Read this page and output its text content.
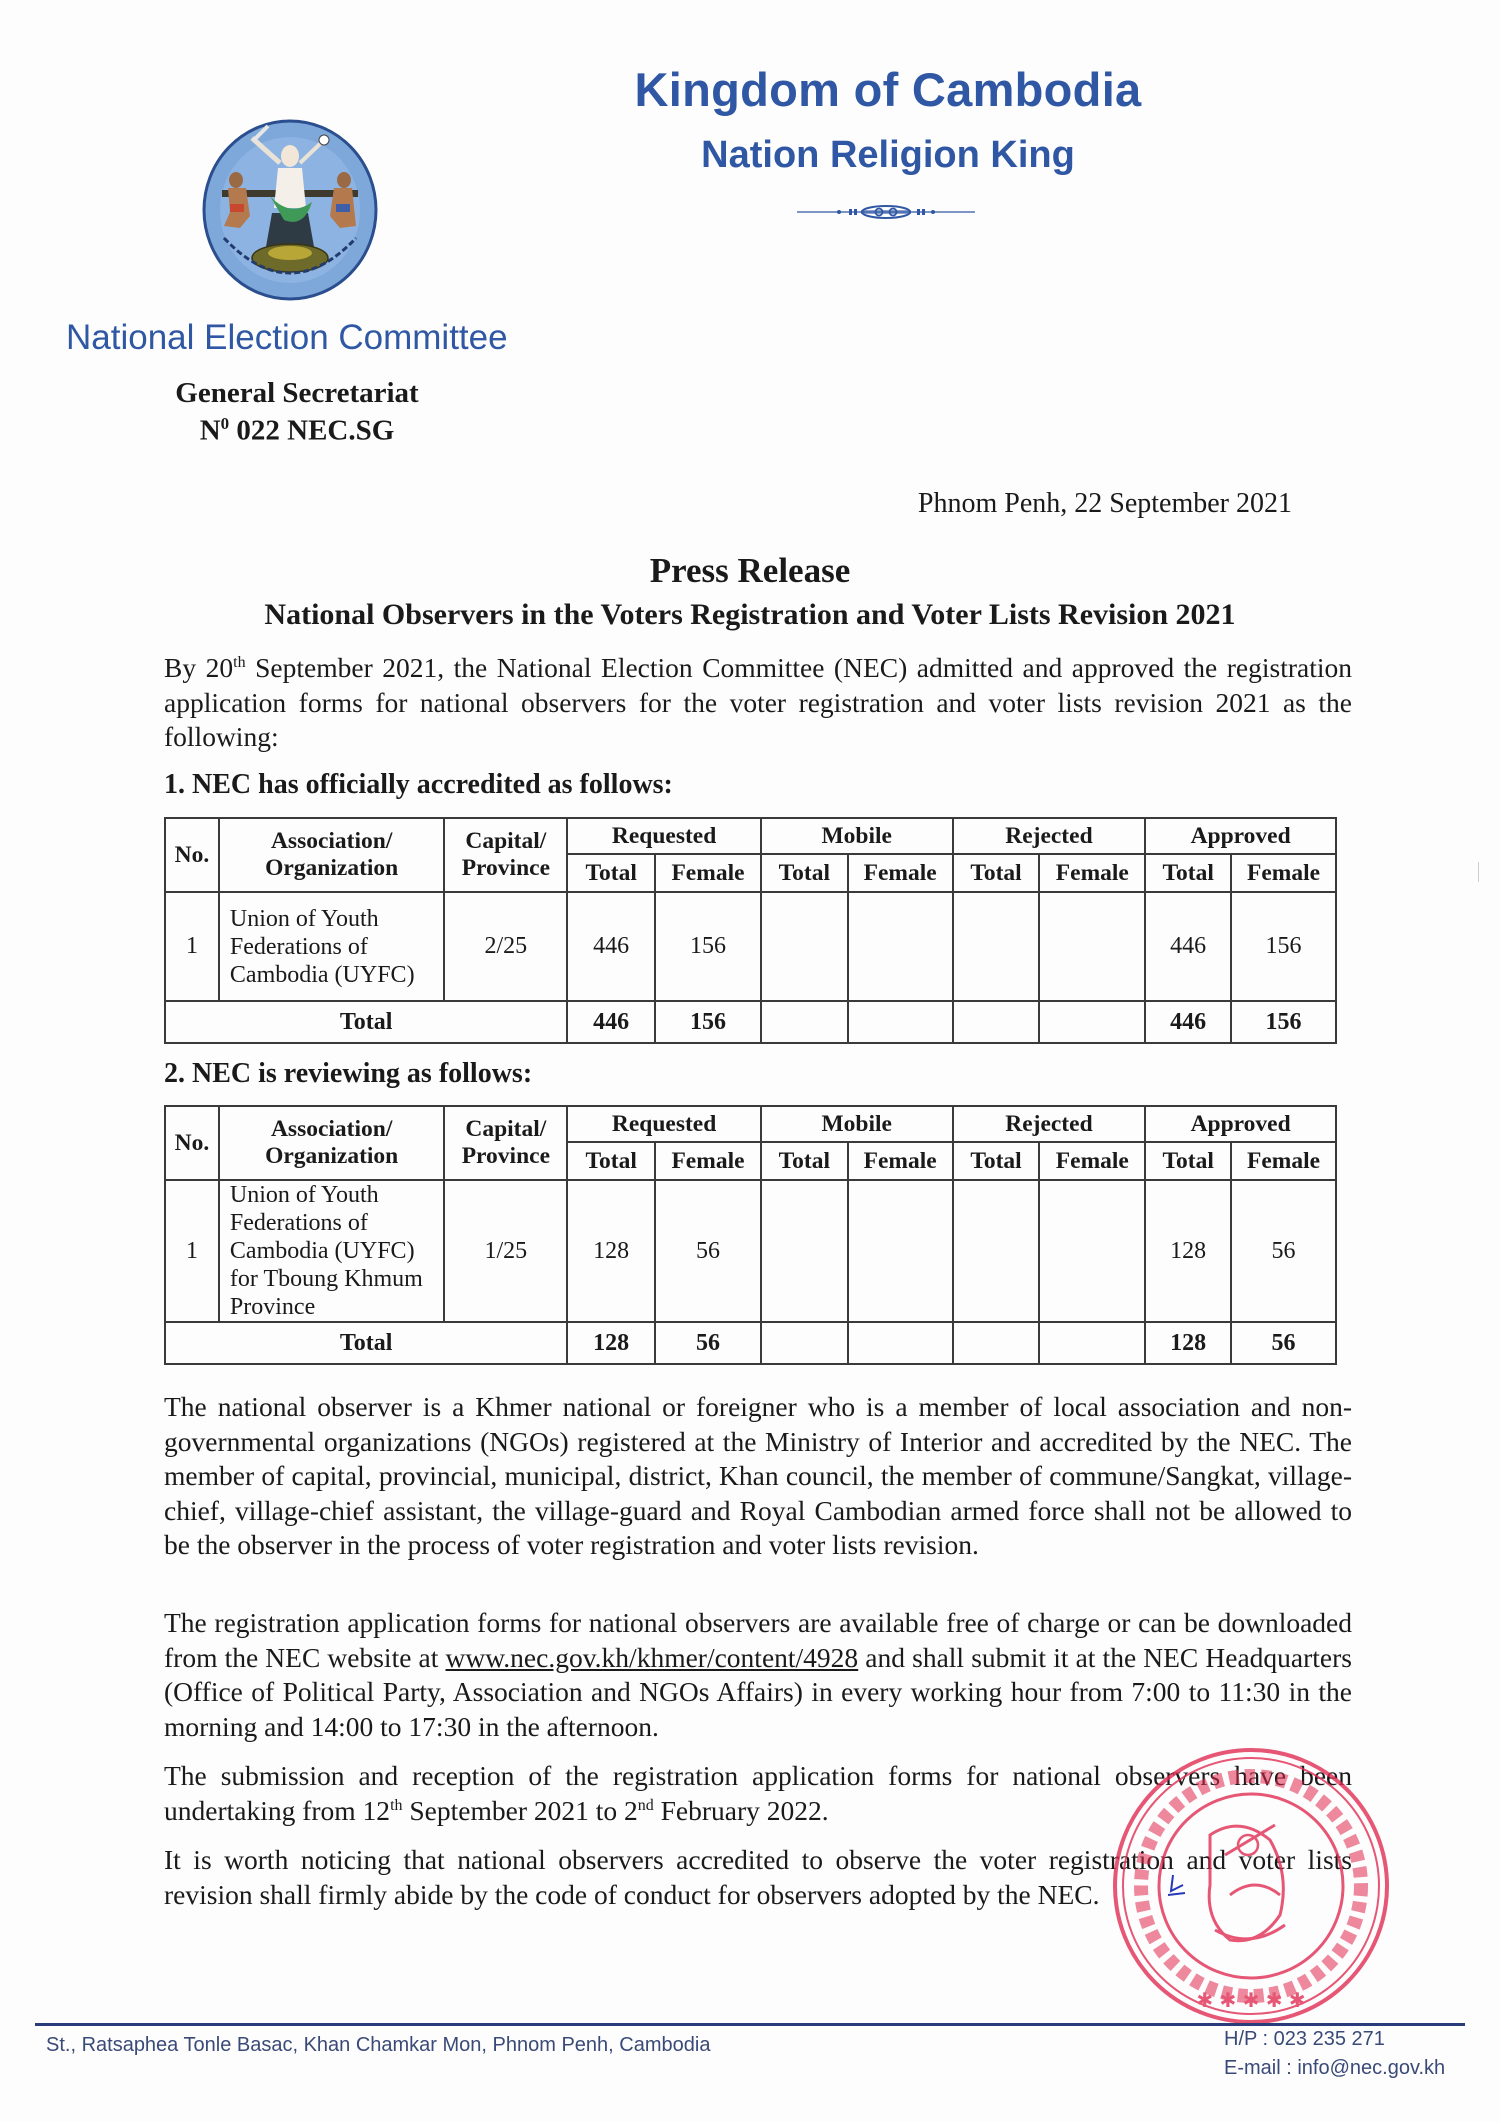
Kingdom of Cambodia
Nation Religion King
National Election Committee
General Secretariat
$N^0$ 022 NEC.SG
Phnom Penh, 22 September 2021
Press Release
National Observers in the Voters Registration and Voter Lists Revision 2021
By 20th September 2021, the National Election Committee (NEC) admitted and approved the registration application forms for national observers for the voter registration and voter lists revision 2021 as the following:
1. NEC has officially accredited as follows:
No.	Association/ Organization	Capital/ Province	Requested		Mobile		Rejected		Approved	
			Total	Female	Total	Female	Total	Female	Total	Female
1	Union of Youth
Federations of
Cambodia (UYFC)	2/25	446	156					446	156
Total			446	156					446	156
2. NEC is reviewing as follows:
No.	Association/ Organization	Capital/ Province	Requested		Mobile		Rejected		Approved	
			Total	Female	Total	Female	Total	Female	Total	Female
1	Union of Youth
Federations of
Cambodia (UYFC)
for Tboung Khmum
Province	1/25	128	56					128	56
Total			128	56					128	56
The national observer is a Khmer national or foreigner who is a member of local association and non-governmental organizations (NGOs) registered at the Ministry of Interior and accredited by the NEC. The member of capital, provincial, municipal, district, Khan council, the member of commune/Sangkat, village-chief, village-chief assistant, the village-guard and Royal Cambodian armed force shall not be allowed to be the observer in the process of voter registration and voter lists revision.
The registration application forms for national observers are available free of charge or can be downloaded from the NEC website at www.nec.gov.kh/khmer/content/4928 and shall submit it at the NEC Headquarters (Office of Political Party, Association and NGOs Affairs) in every working hour from 7:00 to 11:30 in the morning and 14:00 to 17:30 in the afternoon.
The submission and reception of the registration application forms for national observers have been undertaking from 12th September 2021 to 2nd February 2022.
It is worth noticing that national observers accredited to observe the voter registration and voter lists revision shall firmly abide by the code of conduct for observers adopted by the NEC.
✱ ✱ ✱ ✱ ✱
St., Ratsaphea Tonle Basac, Khan Chamkar Mon, Phnom Penh, Cambodia	H/P : 023 235 271
E-mail : info@nec.gov.kh
